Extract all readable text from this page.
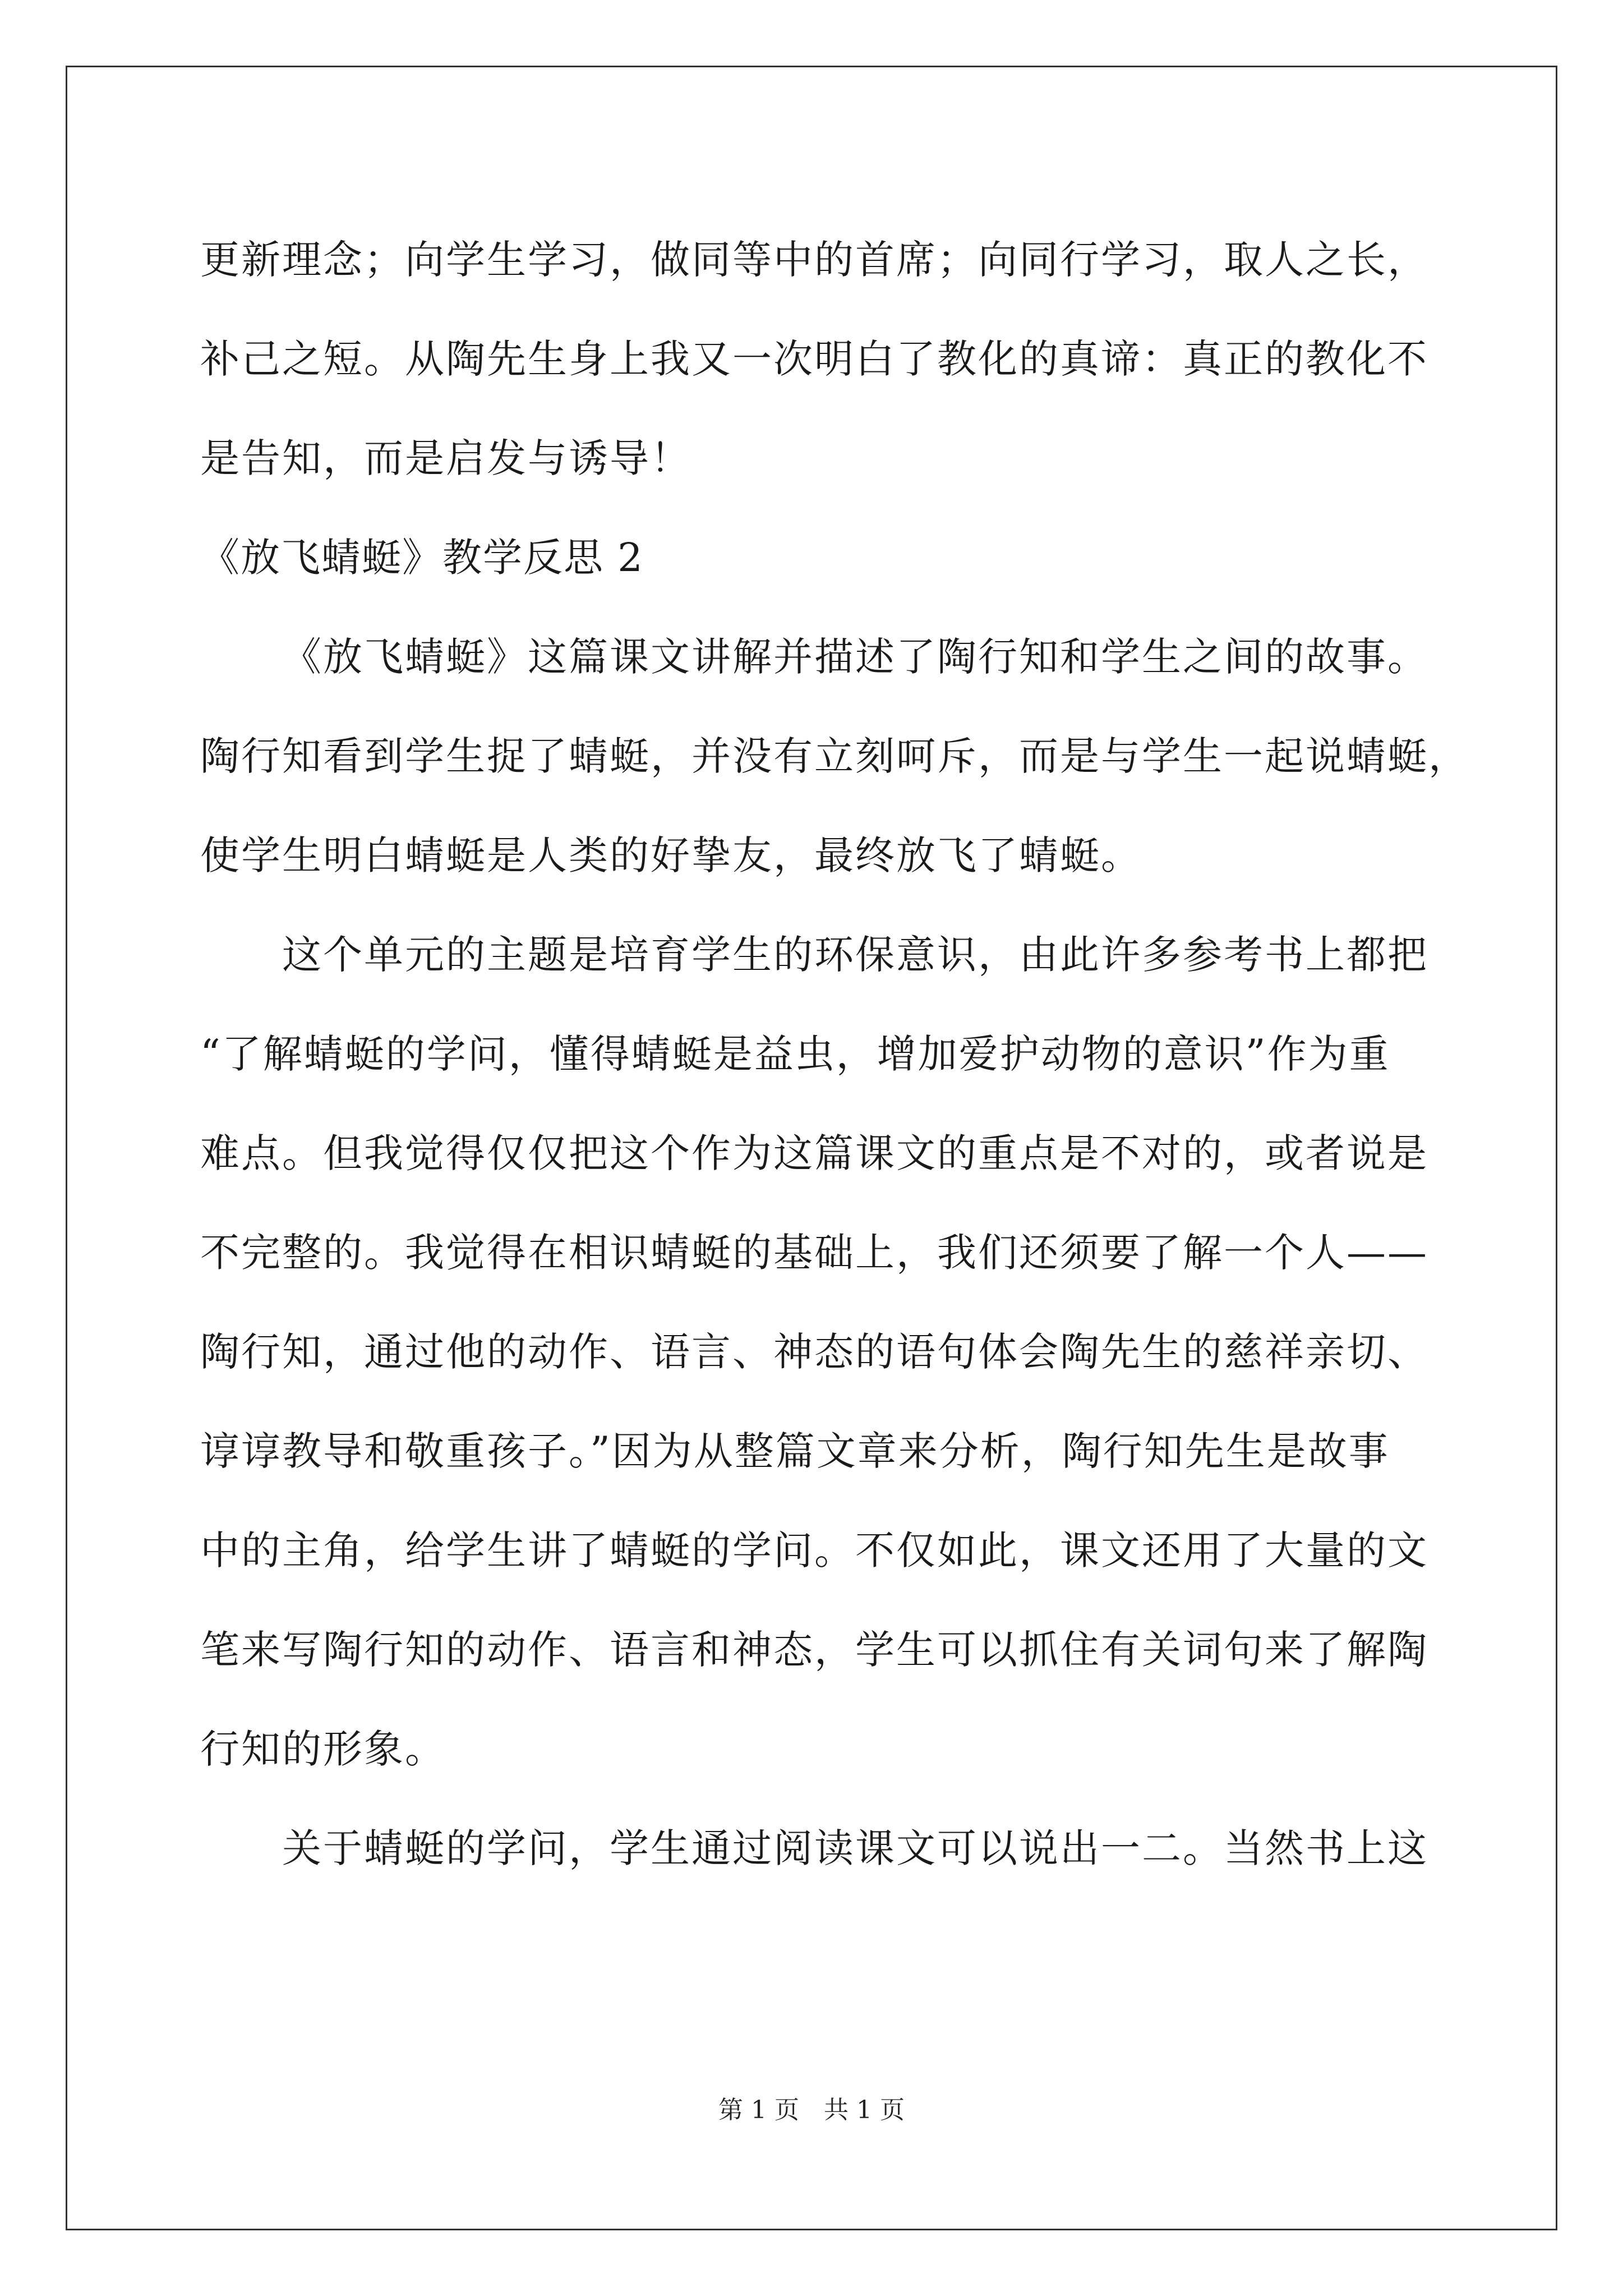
更新理念；向学生学习，做同等中的首席；向同行学习，取人之长，
补己之短。从陶先生身上我又一次明白了教化的真谛：真正的教化不
是告知，而是启发与诱导！
《放飞蜻蜓》教学反思 2
《放飞蜻蜓》这篇课文讲解并描述了陶行知和学生之间的故事。
陶行知看到学生捉了蜻蜓，并没有立刻呵斥，而是与学生一起说蜻蜓，
使学生明白蜻蜓是人类的好挚友，最终放飞了蜻蜓。
这个单元的主题是培育学生的环保意识，由此许多参考书上都把
“了解蜻蜓的学问，懂得蜻蜓是益虫，增加爱护动物的意识”作为重
难点。但我觉得仅仅把这个作为这篇课文的重点是不对的，或者说是
不完整的。我觉得在相识蜻蜓的基础上，我们还须要了解一个人——
陶行知，通过他的动作、语言、神态的语句体会陶先生的慈祥亲切、
谆谆教导和敬重孩子。”因为从整篇文章来分析，陶行知先生是故事
中的主角，给学生讲了蜻蜓的学问。不仅如此，课文还用了大量的文
笔来写陶行知的动作、语言和神态，学生可以抓住有关词句来了解陶
行知的形象。
关于蜻蜓的学问，学生通过阅读课文可以说出一二。当然书上这
第 1 页　共 1 页
